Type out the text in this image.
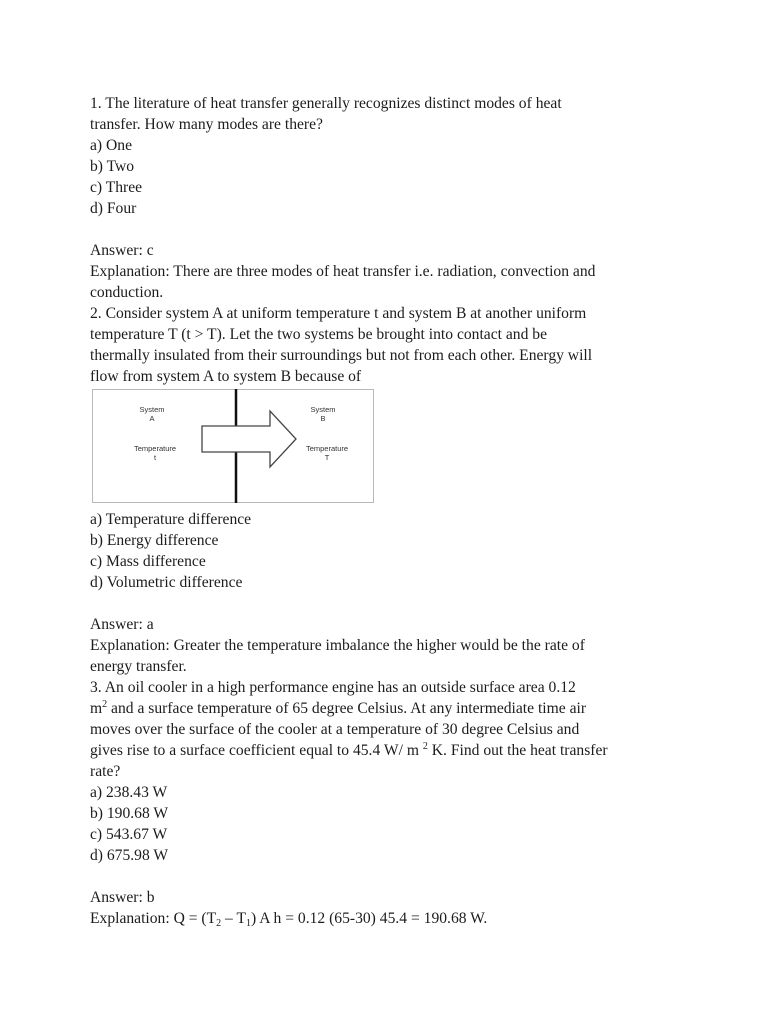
1. The literature of heat transfer generally recognizes distinct modes of heat
transfer. How many modes are there?
a) One
b) Two
c) Three
d) Four
Answer: c
Explanation: There are three modes of heat transfer i.e. radiation, convection and
conduction.
2. Consider system A at uniform temperature t and system B at another uniform
temperature T (t > T). Let the two systems be brought into contact and be
thermally insulated from their surroundings but not from each other. Energy will
flow from system A to system B because of
System
A
Temperature
t
System
B
Temperature
T
a) Temperature difference
b) Energy difference
c) Mass difference
d) Volumetric difference
Answer: a
Explanation: Greater the temperature imbalance the higher would be the rate of
energy transfer.
3. An oil cooler in a high performance engine has an outside surface area 0.12
$m^2$ and a surface temperature of 65 degree Celsius. At any intermediate time air
moves over the surface of the cooler at a temperature of 30 degree Celsius and
gives rise to a surface coefficient equal to 45.4 W/ m $^2$ K. Find out the heat transfer
rate?
a) 238.43 W
b) 190.68 W
c) 543.67 W
d) 675.98 W
Answer: b
Explanation: $Q = (T_2 - T_1)$ A h = 0.12 (65-30) 45.4 = 190.68 W.
